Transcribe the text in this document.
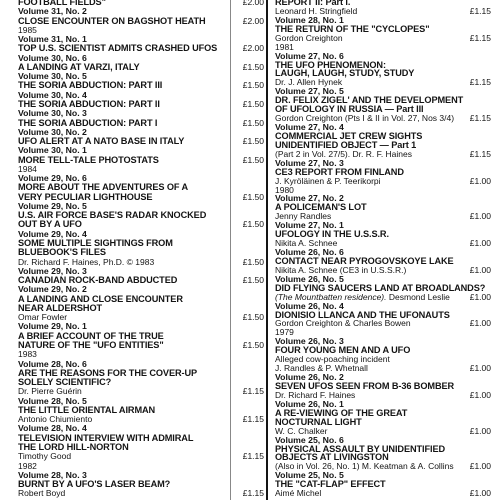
FOOTBALL FIELDS"	£2.00
Volume 31, No. 2
CLOSE ENCOUNTER ON BAGSHOT HEATH	£2.00
1985
Volume 31, No. 1
TOP U.S. SCIENTIST ADMITS CRASHED UFOS	£2.00
Volume 30, No. 6
A LANDING AT VARZI, ITALY	£1.50
Volume 30, No. 5
THE SORIA ABDUCTION: PART III	£1.50
Volume 30, No. 4
THE SORIA ABDUCTION: PART II	£1.50
Volume 30, No. 3
THE SORIA ABDUCTION: PART I	£1.50
Volume 30, No. 2
UFO ALERT AT A NATO BASE IN ITALY	£1.50
Volume 30, No. 1
MORE TELL-TALE PHOTOSTATS	£1.50
1984
Volume 29, No. 6
MORE ABOUT THE ADVENTURES OF A
VERY PECULIAR LIGHTHOUSE	£1.50
Volume 29, No. 5
U.S. AIR FORCE BASE'S RADAR KNOCKED
OUT BY A UFO	£1.50
Volume 29, No. 4
SOME MULTIPLE SIGHTINGS FROM
BLUEBOOK'S FILES
Dr. Richard F. Haines, Ph.D. © 1983	£1.50
Volume 29, No. 3
CANADIAN ROCK-BAND ABDUCTED	£1.50
Volume 29, No. 2
A LANDING AND CLOSE ENCOUNTER
NEAR ALDERSHOT
Omar Fowler	£1.50
Volume 29, No. 1
A BRIEF ACCOUNT OF THE TRUE
NATURE OF THE "UFO ENTITIES"	£1.50
1983
Volume 28, No. 6
ARE THE REASONS FOR THE COVER-UP
SOLELY SCIENTIFIC?
Dr. Pierre Guérin	£1.15
Volume 28, No. 5
THE LITTLE ORIENTAL AIRMAN
Antonio Chiumiento	£1.15
Volume 28, No. 4
TELEVISION INTERVIEW WITH ADMIRAL
THE LORD HILL-NORTON
Timothy Good	£1.15
1982
Volume 28, No. 3
BURNT BY A UFO'S LASER BEAM?
Robert Boyd	£1.15
REPORT II: Part I.
Leonard H. Stringfield	£1.15
Volume 28, No. 1
THE RETURN OF THE "CYCLOPES"
Gordon Creighton	£1.15
1981
Volume 27, No. 6
THE UFO PHENOMENON:
LAUGH, LAUGH, STUDY, STUDY
Dr. J. Allen Hynek	£1.15
Volume 27, No. 5
DR. FELIX ZIGEL' AND THE DEVELOPMENT
OF UFOLOGY IN RUSSIA — Part III
Gordon Creighton (Pts I & II in Vol. 27, Nos 3/4)	£1.15
Volume 27, No. 4
COMMERCIAL JET CREW SIGHTS
UNIDENTIFIED OBJECT — Part 1
(Part 2 in Vol. 27/5). Dr. R. F. Haines	£1.15
Volume 27, No. 3
CE3 REPORT FROM FINLAND
J. Kyröläinen & P. Teerikorpi	£1.00
1980
Volume 27, No. 2
A POLICEMAN'S LOT
Jenny Randles	£1.00
Volume 27, No. 1
UFOLOGY IN THE U.S.S.R.
Nikita A. Schnee	£1.00
Volume 26, No. 6
CONTACT NEAR PYROGOVSKOYE LAKE
Nikita A. Schnee (CE3 in U.S.S.R.)	£1.00
Volume 26, No. 5
DID FLYING SAUCERS LAND AT BROADLANDS?
(The Mountbatten residence). Desmond Leslie	£1.00
Volume 26, No. 4
DIONISIO LLANCA AND THE UFONAUTS
Gordon Creighton & Charles Bowen	£1.00
1979
Volume 26, No. 3
FOUR YOUNG MEN AND A UFO
Alleged cow-poaching incident
J. Randles & P. Whetnall	£1.00
Volume 26, No. 2
SEVEN UFOS SEEN FROM B-36 BOMBER
Dr. Richard F. Haines	£1.00
Volume 26, No. 1
A RE-VIEWING OF THE GREAT
NOCTURNAL LIGHT
W. C. Chalker	£1.00
Volume 25, No. 6
PHYSICAL ASSAULT BY UNIDENTIFIED
OBJECTS AT LIVINGSTON
(Also in Vol. 26, No. 1) M. Keatman & A. Collins	£1.00
Volume 25, No. 5
THE "CAT-FLAP" EFFECT
Aimé Michel	£1.00
